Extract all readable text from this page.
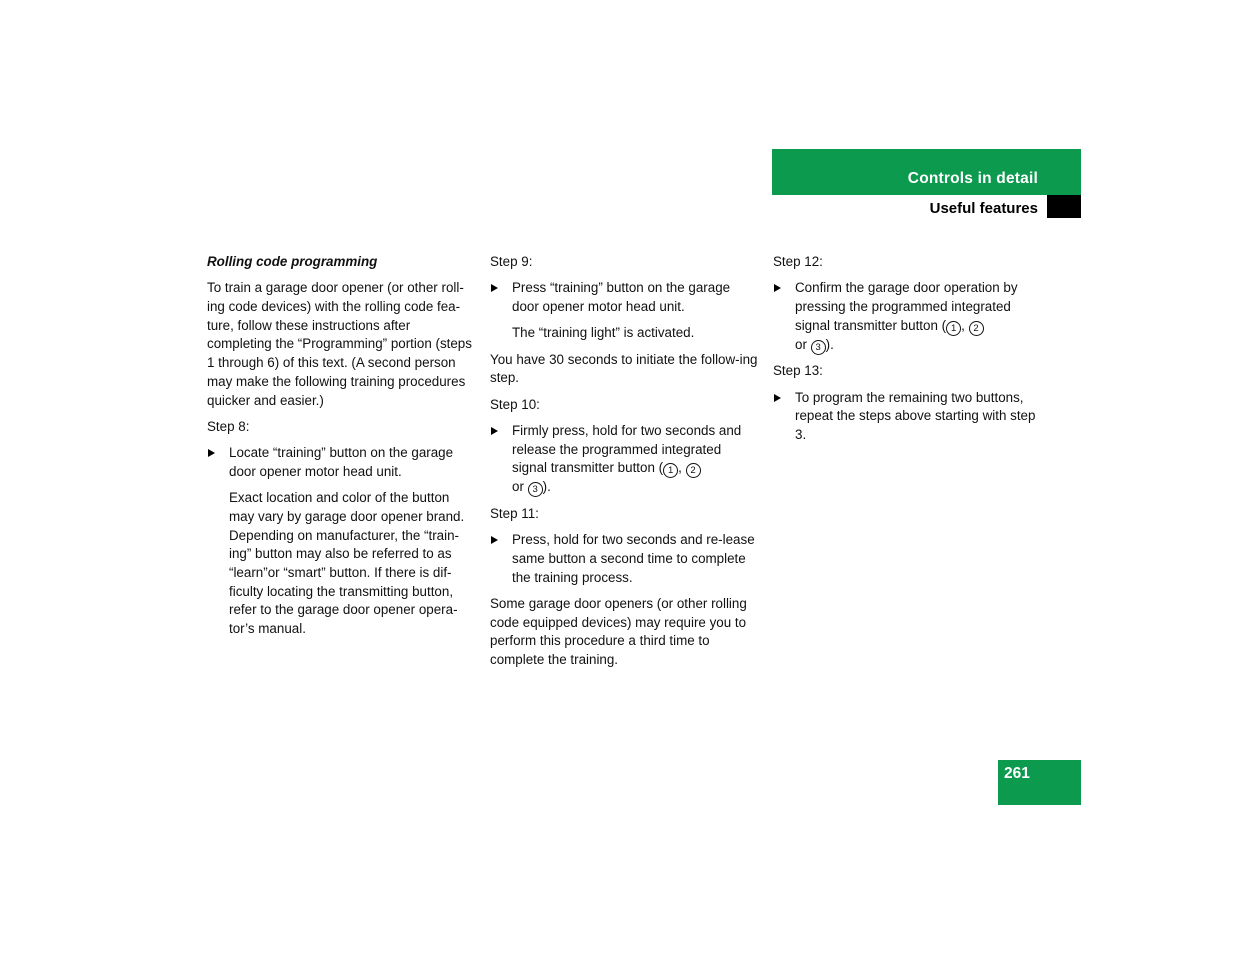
Controls in detail
Useful features

Rolling code programming

To train a garage door opener (or other roll-ing code devices) with the rolling code fea-ture, follow these instructions after completing the “Programming” portion (steps 1 through 6) of this text. (A second person may make the following training procedures quicker and easier.)

Step 8:

Locate “training” button on the garage door opener motor head unit.

Exact location and color of the button may vary by garage door opener brand. Depending on manufacturer, the “train-ing” button may also be referred to as “learn”or “smart” button. If there is dif-ficulty locating the transmitting button, refer to the garage door opener opera-tor’s manual.

Step 9:

Press “training” button on the garage door opener motor head unit.

The “training light” is activated.

You have 30 seconds to initiate the follow-ing step.

Step 10:

Firmly press, hold for two seconds and release the programmed integrated signal transmitter button ( 1 , 2
or 3 ).

Step 11:

Press, hold for two seconds and re-lease same button a second time to complete the training process.

Some garage door openers (or other rolling code equipped devices) may require you to perform this procedure a third time to complete the training.

Step 12:

Confirm the garage door operation by pressing the programmed integrated signal transmitter button ( 1 , 2
or 3 ).

Step 13:

To program the remaining two buttons, repeat the steps above starting with step 3.
261
